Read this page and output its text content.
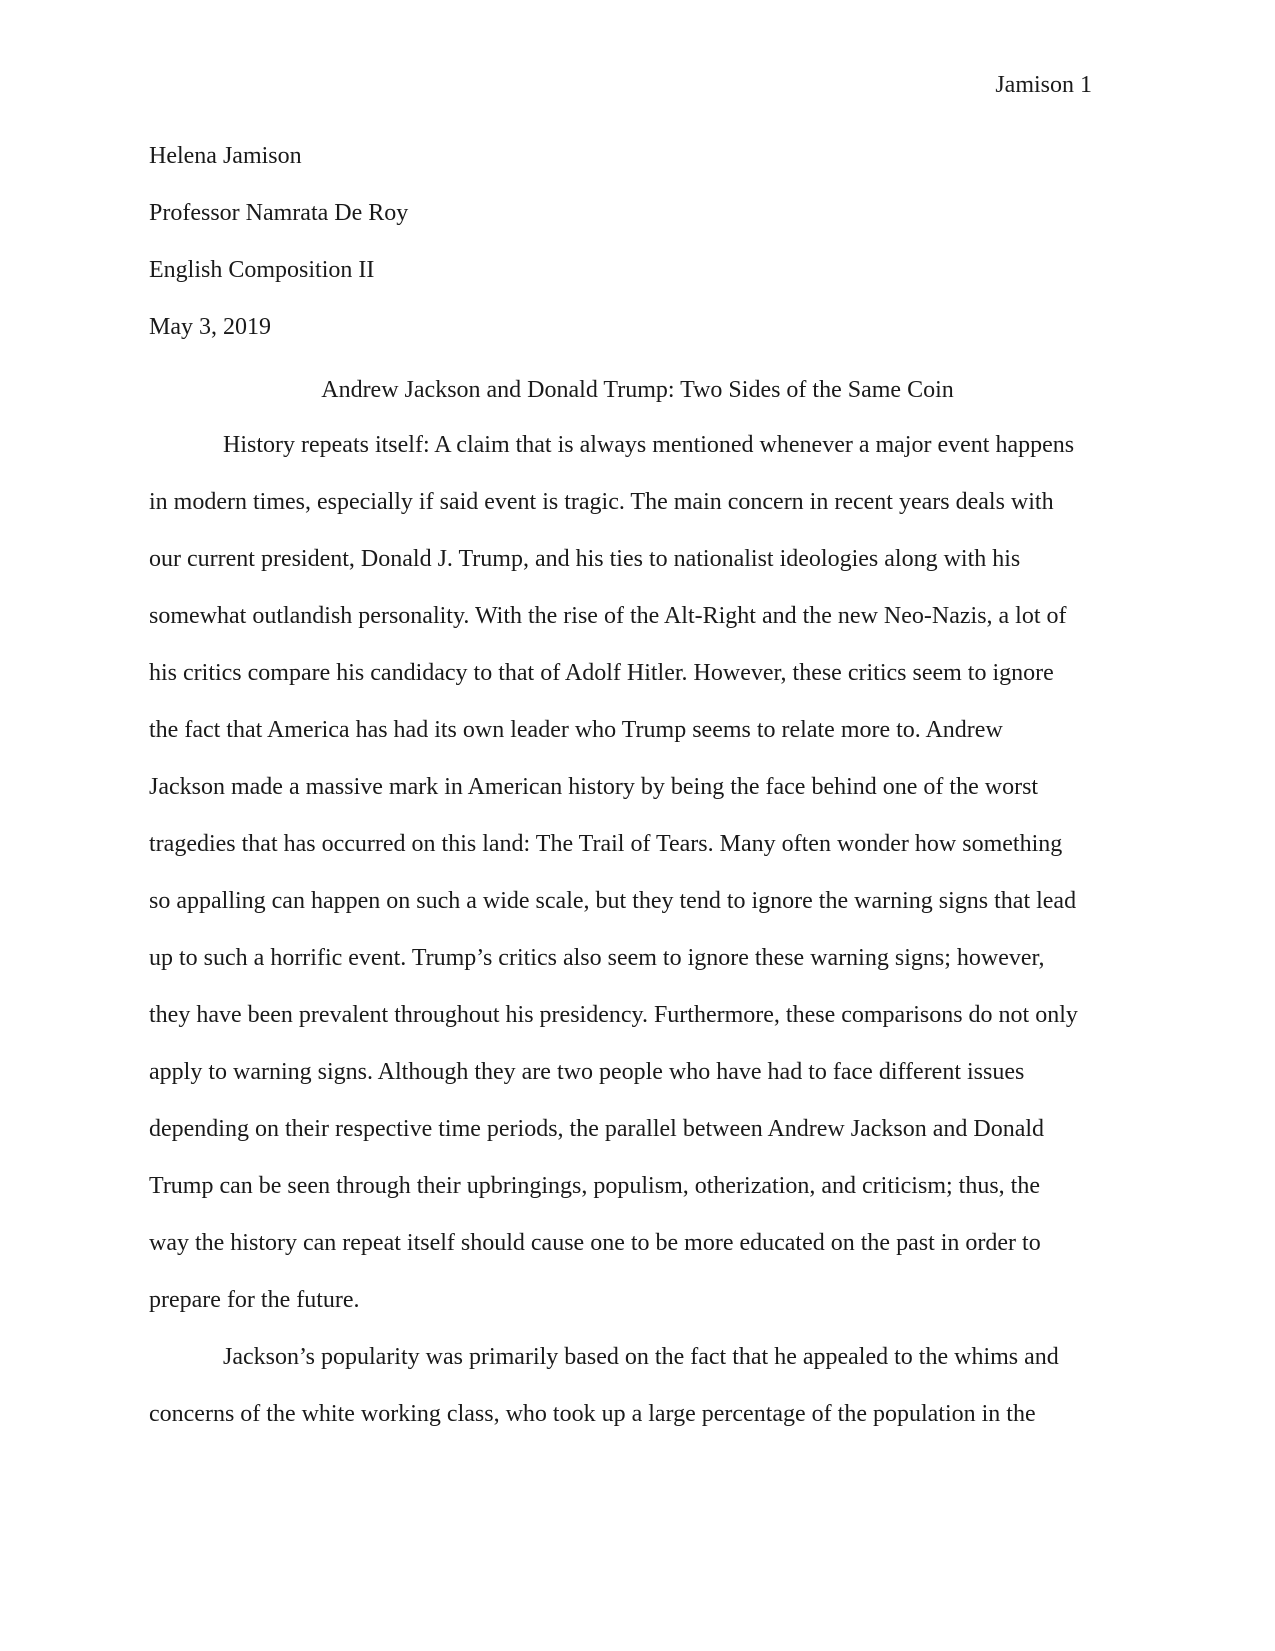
Jamison 1
Helena Jamison
Professor Namrata De Roy
English Composition II
May 3, 2019
Andrew Jackson and Donald Trump: Two Sides of the Same Coin
History repeats itself: A claim that is always mentioned whenever a major event happens
in modern times, especially if said event is tragic. The main concern in recent years deals with
our current president, Donald J. Trump, and his ties to nationalist ideologies along with his
somewhat outlandish personality. With the rise of the Alt-Right and the new Neo-Nazis, a lot of
his critics compare his candidacy to that of Adolf Hitler. However, these critics seem to ignore
the fact that America has had its own leader who Trump seems to relate more to. Andrew
Jackson made a massive mark in American history by being the face behind one of the worst
tragedies that has occurred on this land: The Trail of Tears. Many often wonder how something
so appalling can happen on such a wide scale, but they tend to ignore the warning signs that lead
up to such a horrific event. Trump’s critics also seem to ignore these warning signs; however,
they have been prevalent throughout his presidency. Furthermore, these comparisons do not only
apply to warning signs. Although they are two people who have had to face different issues
depending on their respective time periods, the parallel between Andrew Jackson and Donald
Trump can be seen through their upbringings, populism, otherization, and criticism; thus, the
way the history can repeat itself should cause one to be more educated on the past in order to
prepare for the future.
Jackson’s popularity was primarily based on the fact that he appealed to the whims and
concerns of the white working class, who took up a large percentage of the population in the
